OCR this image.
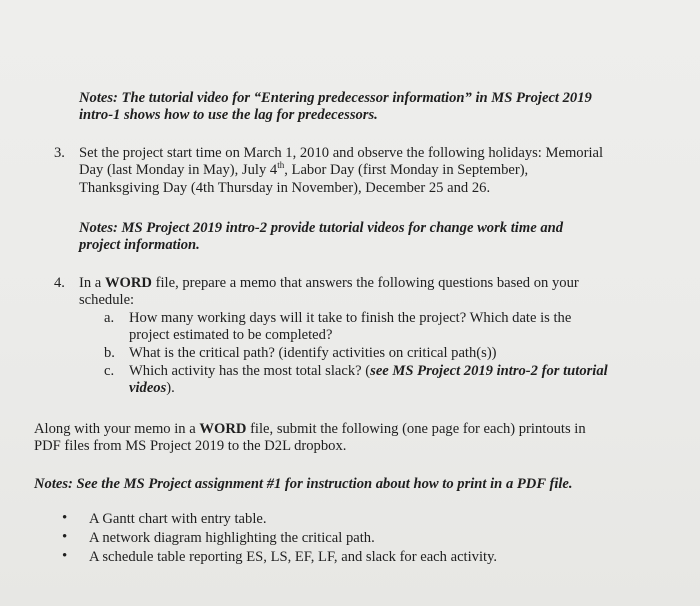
Notes: The tutorial video for “Entering predecessor information” in MS Project 2019
intro-1 shows how to use the lag for predecessors.
3. Set the project start time on March 1, 2010 and observe the following holidays: Memorial
Day (last Monday in May), July 4th, Labor Day (first Monday in September),
Thanksgiving Day (4th Thursday in November), December 25 and 26.
Notes: MS Project 2019 intro-2 provide tutorial videos for change work time and
project information.
4. In a WORD file, prepare a memo that answers the following questions based on your
schedule:
a. How many working days will it take to finish the project? Which date is the
project estimated to be completed?
b. What is the critical path? (identify activities on critical path(s))
c. Which activity has the most total slack? (see MS Project 2019 intro-2 for tutorial
videos).
Along with your memo in a WORD file, submit the following (one page for each) printouts in
PDF files from MS Project 2019 to the D2L dropbox.
Notes: See the MS Project assignment #1 for instruction about how to print in a PDF file.
• A Gantt chart with entry table.
• A network diagram highlighting the critical path.
• A schedule table reporting ES, LS, EF, LF, and slack for each activity.
